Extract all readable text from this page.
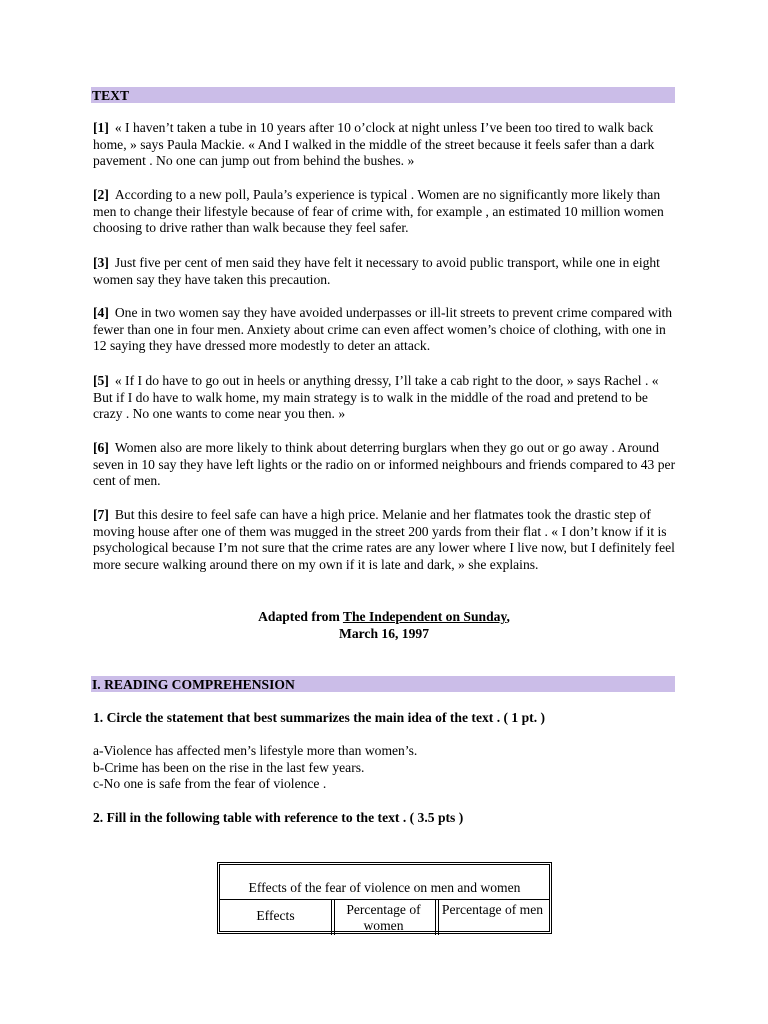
TEXT

[1] « I haven’t taken a tube in 10 years after 10 o’clock at night unless I’ve been too tired to walk back home, » says Paula Mackie. « And I walked in the middle of the street because it feels safer than a dark pavement . No one can jump out from behind the bushes. »

[2] According to a new poll, Paula’s experience is typical . Women are no significantly more likely than men to change their lifestyle because of fear of crime with, for example , an estimated 10 million women choosing to drive rather than walk because they feel safer.

[3] Just five per cent of men said they have felt it necessary to avoid public transport, while one in eight women say they have taken this precaution.

[4] One in two women say they have avoided underpasses or ill-lit streets to prevent crime compared with fewer than one in four men. Anxiety about crime can even affect women’s choice of clothing, with one in 12 saying they have dressed more modestly to deter an attack.

[5] « If I do have to go out in heels or anything dressy, I’ll take a cab right to the door, » says Rachel . « But if I do have to walk home, my main strategy is to walk in the middle of the road and pretend to be crazy . No one wants to come near you then. »

[6] Women also are more likely to think about deterring burglars when they go out or go away . Around seven in 10 say they have left lights or the radio on or informed neighbours and friends compared to 43 per cent of men.

[7] But this desire to feel safe can have a high price. Melanie and her flatmates took the drastic step of moving house after one of them was mugged in the street 200 yards from their flat . « I don’t know if it is psychological because I’m not sure that the crime rates are any lower where I live now, but I definitely feel more secure walking around there on my own if it is late and dark, » she explains.

Adapted from The Independent on Sunday,
March 16, 1997
I. READING COMPREHENSION

1. Circle the statement that best summarizes the main idea of the text . ( 1 pt. )

a-Violence has affected men’s lifestyle more than women’s.
b-Crime has been on the rise in the last few years.
c-No one is safe from the fear of violence .

2. Fill in the following table with reference to the text . ( 3.5 pts )

Effects of the fear of violence on men and women
Effects	Percentage of women
Percentage of men
